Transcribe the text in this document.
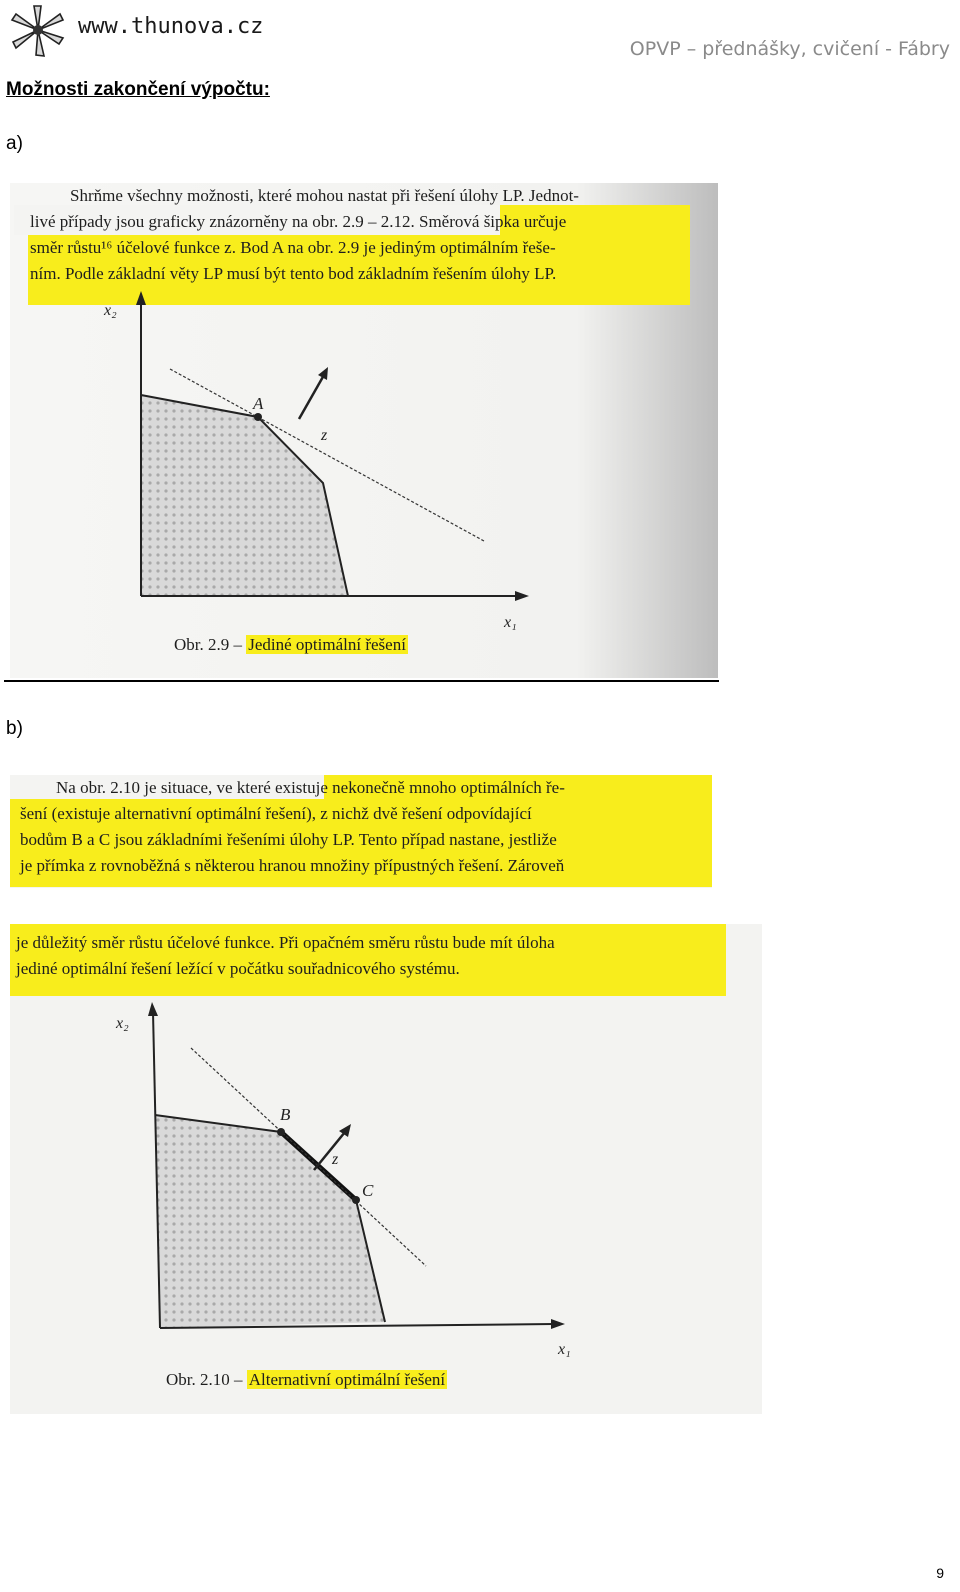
www.thunova.cz
OPVP – přednášky, cvičení - Fábry
Možnosti zakončení výpočtu:
a)
Shrňme všechny možnosti, které mohou nastat při řešení úlohy LP. Jednot-
livé případy jsou graficky znázorněny na obr. 2.9 – 2.12. Směrová šipka určuje
směr růstu¹⁶ účelové funkce z. Bod A na obr. 2.9 je jediným optimálním řeše-
ním. Podle základní věty LP musí být tento bod základním řešením úlohy LP.
x₂
x₁
A
z
Obr. 2.9 – Jediné optimální řešení
b)
Na obr. 2.10 je situace, ve které existuje nekonečně mnoho optimálních ře-
šení (existuje alternativní optimální řešení), z nichž dvě řešení odpovídající
bodům B a C jsou základními řešeními úlohy LP. Tento případ nastane, jestliže
je přímka z rovnoběžná s některou hranou množiny přípustných řešení. Zároveň
je důležitý směr růstu účelové funkce. Při opačném směru růstu bude mít úloha
jediné optimální řešení ležící v počátku souřadnicového systému.
x₂
x₁
B
C
z
Obr. 2.10 – Alternativní optimální řešení
9
